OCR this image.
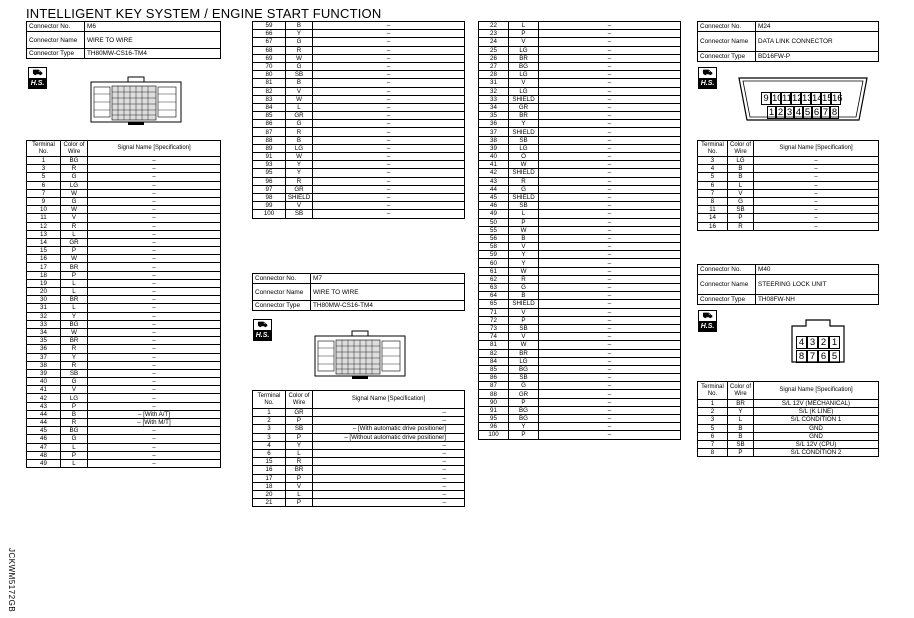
INTELLIGENT KEY SYSTEM / ENGINE START FUNCTION
JCKWM5172GB
Connector No.	M6
Connector Name	WIRE TO WIRE
Connector Type	TH80MW-CS16-TM4
⛟
H.S.
Terminal No.	Color of Wire	Signal Name [Specification]
1	BG	–
3	R	–
5	G	–
6	LG	–
7	W	–
9	G	–
10	W	–
11	V	–
12	R	–
13	L	–
14	GR	–
15	P	–
16	W	–
17	BR	–
18	P	–
19	L	–
20	L	–
30	BR	–
31	L	–
32	Y	–
33	BG	–
34	W	–
35	BR	–
36	R	–
37	Y	–
38	R	–
39	SB	–
40	G	–
41	V	–
42	LG	–
43	P	–
44	B	– [With A/T]
44	R	– [With M/T]
45	BG	–
46	G	–
47	L	–
48	P	–
49	L	–
59	B	–
66	Y	–
67	G	–
68	R	–
69	W	–
70	G	–
80	SB	–
81	B	–
82	V	–
83	W	–
84	L	–
85	GR	–
86	G	–
87	R	–
88	B	–
89	LG	–
91	W	–
93	Y	–
95	Y	–
96	R	–
97	GR	–
98	SHIELD	–
99	V	–
100	SB	–
Connector No.	M7
Connector Name	WIRE TO WIRE
Connector Type	TH80MW-CS16-TM4
⛟
H.S.
Terminal No.	Color of Wire	Signal Name [Specification]
1	GR	–
2	P	–
3	SB	– [With automatic drive positioner]
3	P	– [Without automatic drive positioner]
4	Y	–
6	L	–
15	R	–
16	BR	–
17	P	–
18	V	–
20	L	–
21	P	–
22	L	–
23	P	–
24	V	–
25	LG	–
26	BR	–
27	BG	–
28	LG	–
31	V	–
32	LG	–
33	SHIELD	–
34	GR	–
35	BR	–
36	Y	–
37	SHIELD	–
38	SB	–
39	LG	–
40	O	–
41	W	–
42	SHIELD	–
43	R	–
44	G	–
45	SHIELD	–
46	SB	–
49	L	–
50	P	–
55	W	–
56	B	–
58	V	–
59	Y	–
60	Y	–
61	W	–
62	R	–
63	G	–
64	B	–
65	SHIELD	–
71	V	–
72	P	–
73	SB	–
74	V	–
81	W	–
82	BR	–
84	LG	–
85	BG	–
86	SB	–
87	G	–
88	GR	–
90	P	–
91	BG	–
95	BG	–
96	Y	–
100	P	–
Connector No.	M24
Connector Name	DATA LINK CONNECTOR
Connector Type	BD16FW-P
⛟
H.S.
9 10111213141516
1 2 3 4 5 6 7 8
Terminal No.	Color of Wire	Signal Name [Specification]
3	LG	–
4	B	–
5	B	–
6	L	–
7	V	–
8	G	–
11	SB	–
14	P	–
16	R	–
Connector No.	M40
Connector Name	STEERING LOCK UNIT
Connector Type	TH08FW-NH
⛟
H.S.
4 3 2 1
8 7 6 5
Terminal No.	Color of Wire	Signal Name [Specification]
1	BR	S/L 12V (MECHANICAL)
2	Y	S/L (K LINE)
3	L	S/L CONDITION 1
5	B	GND
6	B	GND
7	SB	S/L 12V (CPU)
8	P	S/L CONDITION 2
